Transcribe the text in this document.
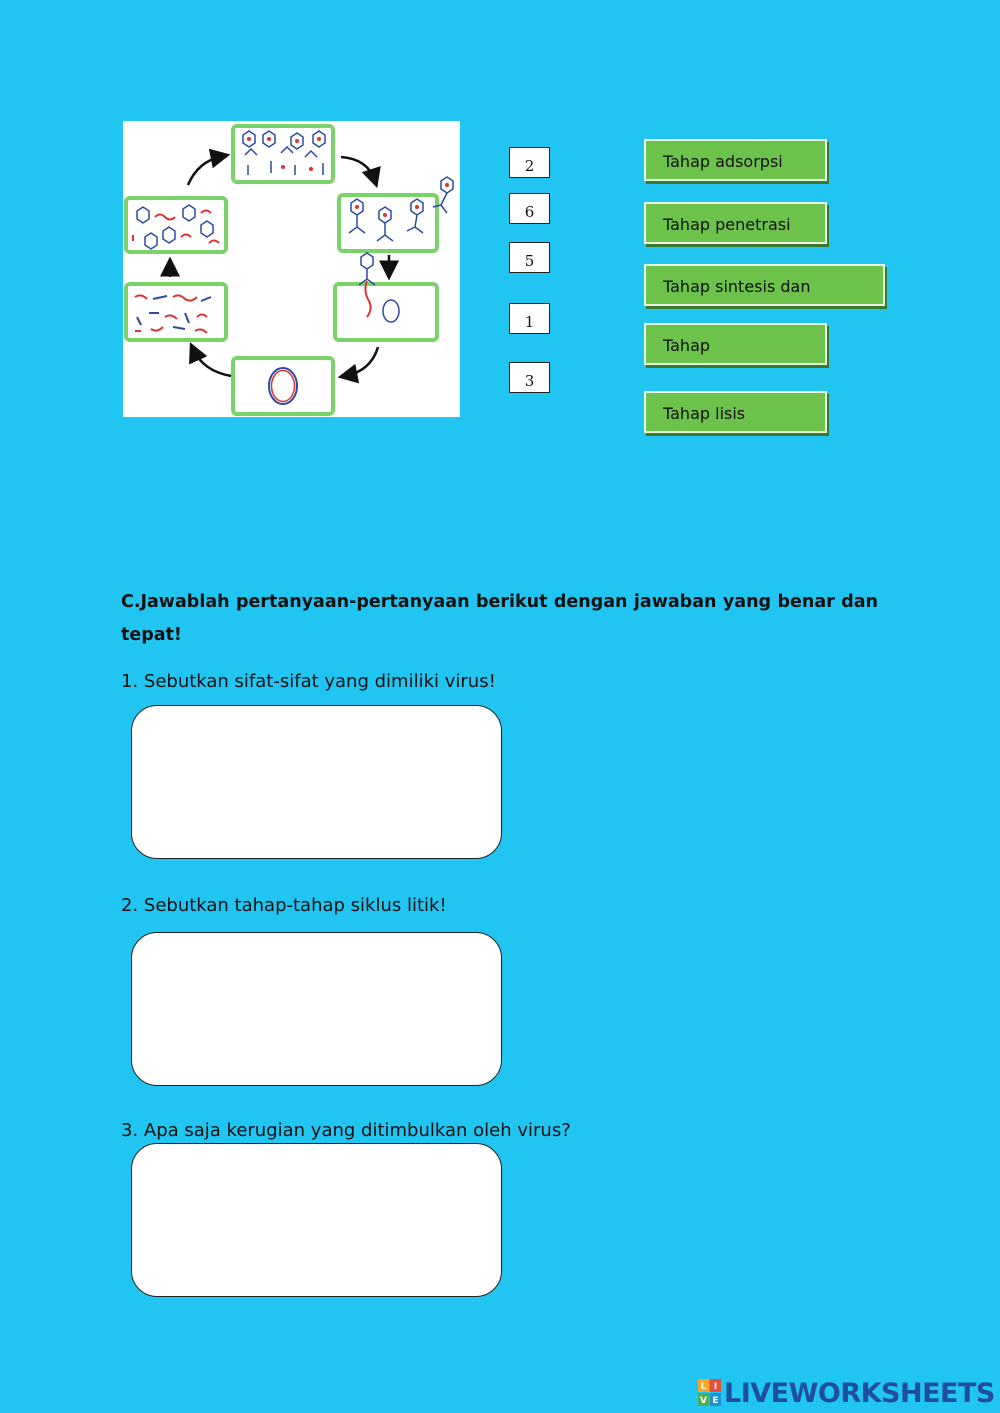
2
6
5
1
3
Tahap adsorpsi
Tahap penetrasi
Tahap sintesis dan
Tahap
Tahap lisis
C.Jawablah pertanyaan-pertanyaan berikut dengan jawaban yang benar dan tepat!
1. Sebutkan sifat-sifat yang dimiliki virus!
2. Sebutkan tahap-tahap siklus litik!
3. Apa saja kerugian yang ditimbulkan oleh virus?
L I
V E LIVEWORKSHEETS
